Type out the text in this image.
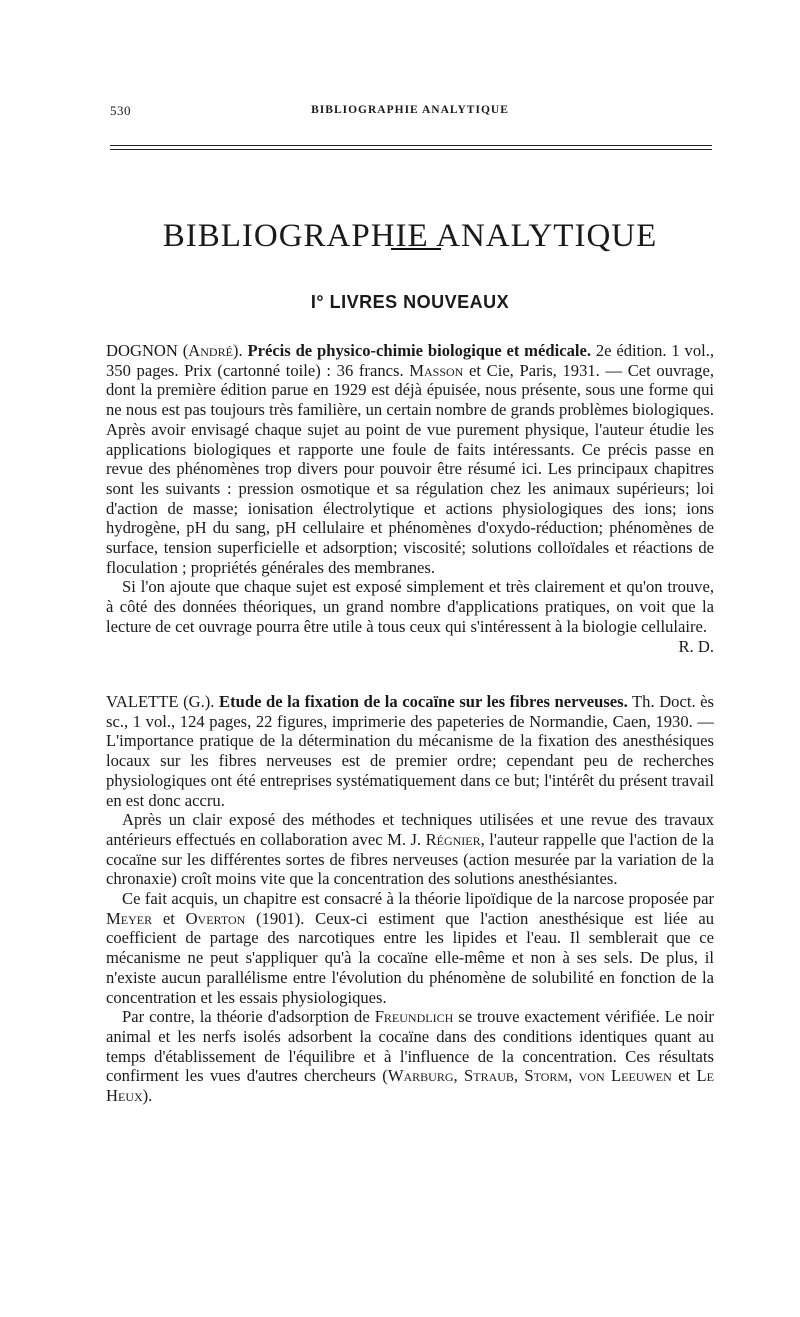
530	BIBLIOGRAPHIE ANALYTIQUE
BIBLIOGRAPHIE ANALYTIQUE
I° LIVRES NOUVEAUX

DOGNON (André). Précis de physico-chimie biologique et médicale. 2e édition. 1 vol., 350 pages. Prix (cartonné toile) : 36 francs. Masson et Cie, Paris, 1931. — Cet ouvrage, dont la première édition parue en 1929 est déjà épuisée, nous présente, sous une forme qui ne nous est pas toujours très familière, un certain nombre de grands problèmes biologiques. Après avoir envisagé chaque sujet au point de vue purement physique, l'auteur étudie les applications biologiques et rapporte une foule de faits intéressants. Ce précis passe en revue des phénomènes trop divers pour pouvoir être résumé ici. Les principaux chapitres sont les suivants : pression osmotique et sa régulation chez les animaux supérieurs; loi d'action de masse; ionisation électrolytique et actions physiologiques des ions; ions hydrogène, pH du sang, pH cellulaire et phénomènes d'oxydo-réduction; phénomènes de surface, tension superficielle et adsorption; viscosité; solutions colloïdales et réactions de floculation ; propriétés générales des membranes.

Si l'on ajoute que chaque sujet est exposé simplement et très clairement et qu'on trouve, à côté des données théoriques, un grand nombre d'applications pratiques, on voit que la lecture de cet ouvrage pourra être utile à tous ceux qui s'intéressent à la biologie cellulaire.
R. D.

VALETTE (G.). Etude de la fixation de la cocaïne sur les fibres nerveuses. Th. Doct. ès sc., 1 vol., 124 pages, 22 figures, imprimerie des papeteries de Normandie, Caen, 1930. — L'importance pratique de la détermination du mécanisme de la fixation des anesthésiques locaux sur les fibres nerveuses est de premier ordre; cependant peu de recherches physiologiques ont été entreprises systématiquement dans ce but; l'intérêt du présent travail en est donc accru.

Après un clair exposé des méthodes et techniques utilisées et une revue des travaux antérieurs effectués en collaboration avec M. J. Régnier, l'auteur rappelle que l'action de la cocaïne sur les différentes sortes de fibres nerveuses (action mesurée par la variation de la chronaxie) croît moins vite que la concentration des solutions anesthésiantes.

Ce fait acquis, un chapitre est consacré à la théorie lipoïdique de la narcose proposée par Meyer et Overton (1901). Ceux-ci estiment que l'action anesthésique est liée au coefficient de partage des narcotiques entre les lipides et l'eau. Il semblerait que ce mécanisme ne peut s'appliquer qu'à la cocaïne elle-même et non à ses sels. De plus, il n'existe aucun parallélisme entre l'évolution du phénomène de solubilité en fonction de la concentration et les essais physiologiques.

Par contre, la théorie d'adsorption de Freundlich se trouve exactement vérifiée. Le noir animal et les nerfs isolés adsorbent la cocaïne dans des conditions identiques quant au temps d'établissement de l'équilibre et à l'influence de la concentration. Ces résultats confirment les vues d'autres chercheurs (Warburg, Straub, Storm, von Leeuwen et Le Heux).
